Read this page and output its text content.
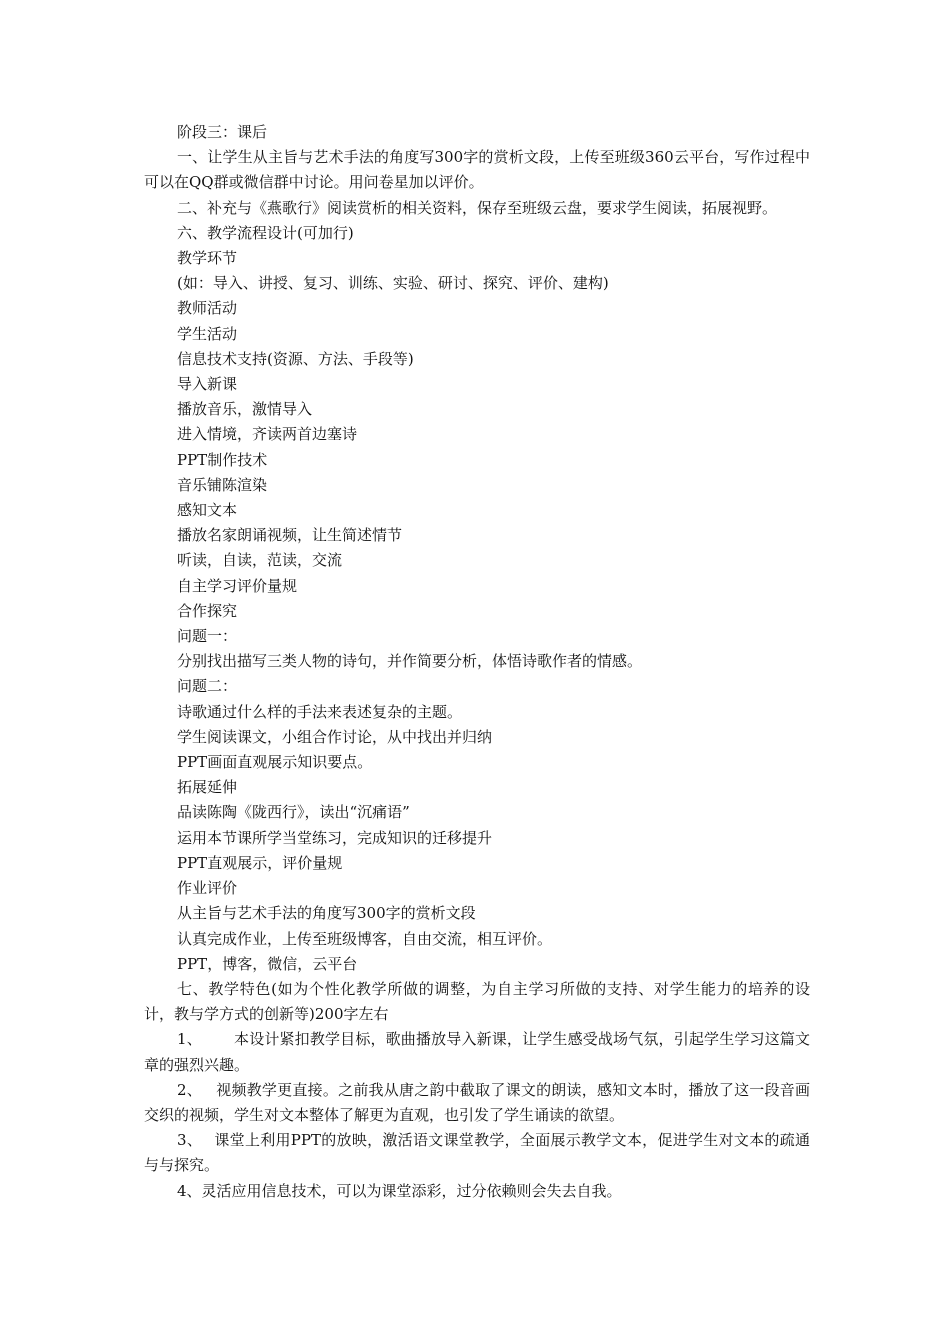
阶段三：课后

一、让学生从主旨与艺术手法的角度写300字的赏析文段，上传至班级360云平台，写作过程中可以在QQ群或微信群中讨论。用问卷星加以评价。

二、补充与《燕歌行》阅读赏析的相关资料，保存至班级云盘，要求学生阅读，拓展视野。

六、教学流程设计(可加行)

教学环节

(如：导入、讲授、复习、训练、实验、研讨、探究、评价、建构)

教师活动

学生活动

信息技术支持(资源、方法、手段等)

导入新课

播放音乐，激情导入

进入情境，齐读两首边塞诗

PPT制作技术

音乐铺陈渲染

感知文本

播放名家朗诵视频，让生简述情节

听读，自读，范读，交流

自主学习评价量规

合作探究

问题一：

分别找出描写三类人物的诗句，并作简要分析，体悟诗歌作者的情感。

问题二：

诗歌通过什么样的手法来表述复杂的主题。

学生阅读课文，小组合作讨论，从中找出并归纳

PPT画面直观展示知识要点。

拓展延伸

品读陈陶《陇西行》，读出“沉痛语”

运用本节课所学当堂练习，完成知识的迁移提升

PPT直观展示，评价量规

作业评价

从主旨与艺术手法的角度写300字的赏析文段

认真完成作业，上传至班级博客，自由交流，相互评价。

PPT，博客，微信，云平台

七、教学特色(如为个性化教学所做的调整，为自主学习所做的支持、对学生能力的培养的设计，教与学方式的创新等)200字左右

1、 本设计紧扣教学目标，歌曲播放导入新课，让学生感受战场气氛，引起学生学习这篇文章的强烈兴趣。

2、 视频教学更直接。之前我从唐之韵中截取了课文的朗读，感知文本时，播放了这一段音画交织的视频，学生对文本整体了解更为直观，也引发了学生诵读的欲望。

3、 课堂上利用PPT的放映，激活语文课堂教学，全面展示教学文本，促进学生对文本的疏通与与探究。

4、灵活应用信息技术，可以为课堂添彩，过分依赖则会失去自我。
